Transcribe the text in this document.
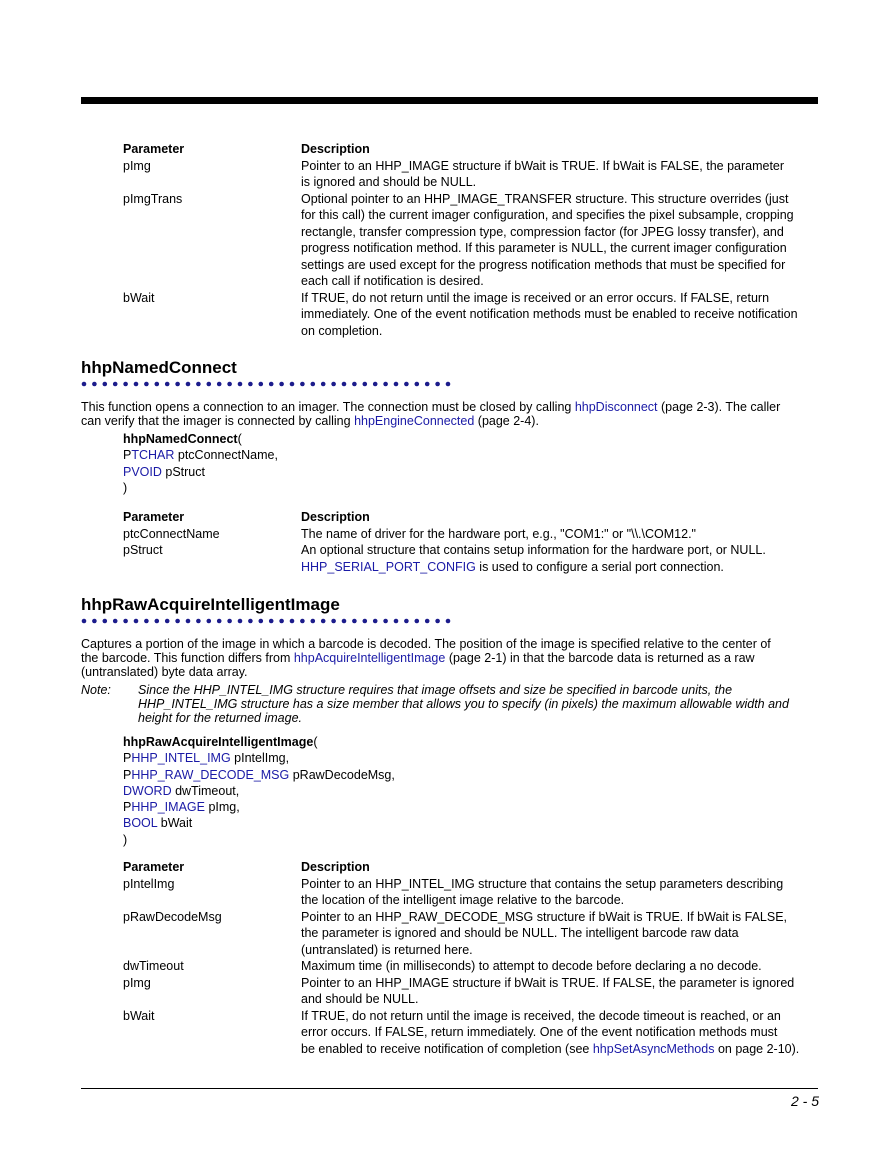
Parameter	Description
pImg	Pointer to an HHP_IMAGE structure if bWait is TRUE. If bWait is FALSE, the parameter
is ignored and should be NULL.
pImgTrans	Optional pointer to an HHP_IMAGE_TRANSFER structure. This structure overrides (just
for this call) the current imager configuration, and specifies the pixel subsample, cropping
rectangle, transfer compression type, compression factor (for JPEG lossy transfer), and
progress notification method. If this parameter is NULL, the current imager configuration
settings are used except for the progress notification methods that must be specified for
each call if notification is desired.
bWait	If TRUE, do not return until the image is received or an error occurs. If FALSE, return
immediately. One of the event notification methods must be enabled to receive notification
on completion.
hhpNamedConnect
This function opens a connection to an imager. The connection must be closed by calling hhpDisconnect (page 2-3). The caller
can verify that the imager is connected by calling hhpEngineConnected (page 2-4).
hhpNamedConnect(
PTCHAR ptcConnectName,
PVOID pStruct
)
Parameter	Description
ptcConnectName	The name of driver for the hardware port, e.g., "COM1:" or "\\.\COM12."
pStruct	An optional structure that contains setup information for the hardware port, or NULL.
HHP_SERIAL_PORT_CONFIG is used to configure a serial port connection.
hhpRawAcquireIntelligentImage
Captures a portion of the image in which a barcode is decoded. The position of the image is specified relative to the center of
the barcode. This function differs from hhpAcquireIntelligentImage (page 2-1) in that the barcode data is returned as a raw
(untranslated) byte data array.
Note:	Since the HHP_INTEL_IMG structure requires that image offsets and size be specified in barcode units, the
HHP_INTEL_IMG structure has a size member that allows you to specify (in pixels) the maximum allowable width and
height for the returned image.
hhpRawAcquireIntelligentImage(
PHHP_INTEL_IMG pIntelImg,
PHHP_RAW_DECODE_MSG pRawDecodeMsg,
DWORD dwTimeout,
PHHP_IMAGE pImg,
BOOL bWait
)
Parameter	Description
pIntelImg	Pointer to an HHP_INTEL_IMG structure that contains the setup parameters describing
the location of the intelligent image relative to the barcode.
pRawDecodeMsg	Pointer to an HHP_RAW_DECODE_MSG structure if bWait is TRUE. If bWait is FALSE,
the parameter is ignored and should be NULL. The intelligent barcode raw data
(untranslated) is returned here.
dwTimeout	Maximum time (in milliseconds) to attempt to decode before declaring a no decode.
pImg	Pointer to an HHP_IMAGE structure if bWait is TRUE. If FALSE, the parameter is ignored
and should be NULL.
bWait	If TRUE, do not return until the image is received, the decode timeout is reached, or an
error occurs. If FALSE, return immediately. One of the event notification methods must
be enabled to receive notification of completion (see hhpSetAsyncMethods on page 2-10).
2 - 5
